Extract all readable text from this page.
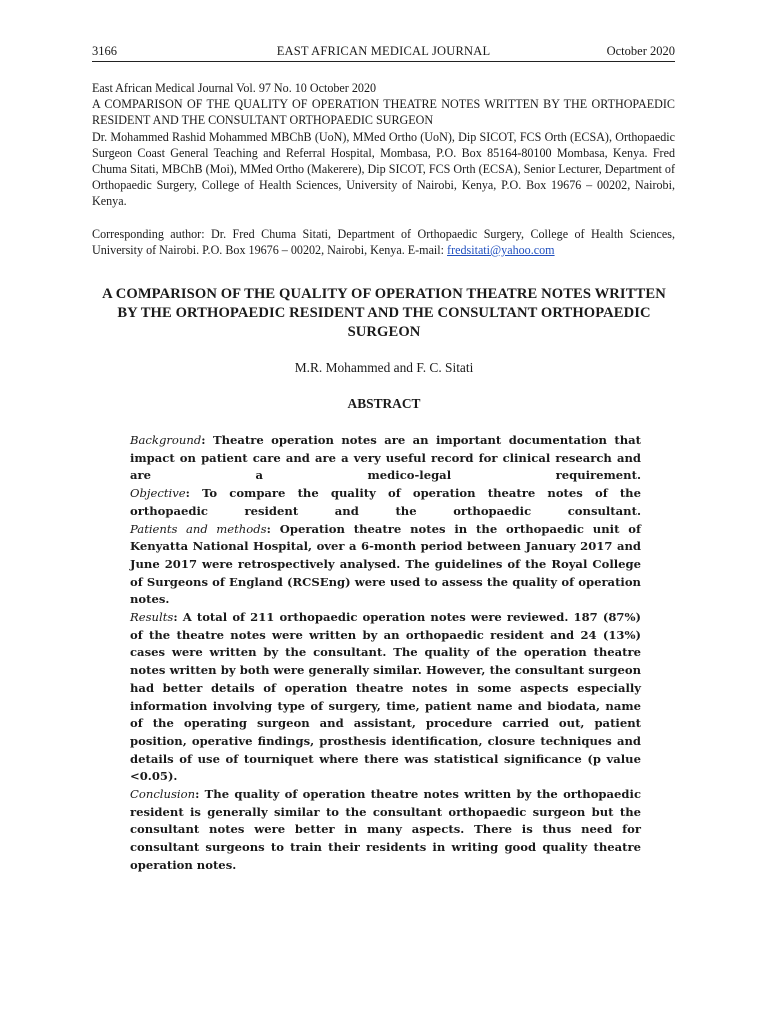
3166	EAST AFRICAN MEDICAL JOURNAL	October 2020

East African Medical Journal Vol. 97 No. 10 October 2020

A COMPARISON OF THE QUALITY OF OPERATION THEATRE NOTES WRITTEN BY THE ORTHOPAEDIC RESIDENT AND THE CONSULTANT ORTHOPAEDIC SURGEON

Dr. Mohammed Rashid Mohammed MBChB (UoN), MMed Ortho (UoN), Dip SICOT, FCS Orth (ECSA), Orthopaedic Surgeon Coast General Teaching and Referral Hospital, Mombasa, P.O. Box 85164-80100 Mombasa, Kenya. Fred Chuma Sitati, MBChB (Moi), MMed Ortho (Makerere), Dip SICOT, FCS Orth (ECSA), Senior Lecturer, Department of Orthopaedic Surgery, College of Health Sciences, University of Nairobi, Kenya, P.O. Box 19676 – 00202, Nairobi, Kenya.

Corresponding author: Dr. Fred Chuma Sitati, Department of Orthopaedic Surgery, College of Health Sciences, University of Nairobi. P.O. Box 19676 – 00202, Nairobi, Kenya. E-mail: fredsitati@yahoo.com

A COMPARISON OF THE QUALITY OF OPERATION THEATRE NOTES WRITTEN BY THE ORTHOPAEDIC RESIDENT AND THE CONSULTANT ORTHOPAEDIC SURGEON
M.R. Mohammed and F. C. Sitati
ABSTRACT

Background: Theatre operation notes are an important documentation that impact on patient care and are a very useful record for clinical research and are a medico-legal requirement.

Objective: To compare the quality of operation theatre notes of the orthopaedic resident and the orthopaedic consultant.

Patients and methods: Operation theatre notes in the orthopaedic unit of Kenyatta National Hospital, over a 6-month period between January 2017 and June 2017 were retrospectively analysed. The guidelines of the Royal College of Surgeons of England (RCSEng) were used to assess the quality of operation notes.

Results: A total of 211 orthopaedic operation notes were reviewed. 187 (87%) of the theatre notes were written by an orthopaedic resident and 24 (13%) cases were written by the consultant. The quality of the operation theatre notes written by both were generally similar. However, the consultant surgeon had better details of operation theatre notes in some aspects especially information involving type of surgery, time, patient name and biodata, name of the operating surgeon and assistant, procedure carried out, patient position, operative findings, prosthesis identification, closure techniques and details of use of tourniquet where there was statistical significance (p value <0.05).

Conclusion: The quality of operation theatre notes written by the orthopaedic resident is generally similar to the consultant orthopaedic surgeon but the consultant notes were better in many aspects. There is thus need for consultant surgeons to train their residents in writing good quality theatre operation notes.
